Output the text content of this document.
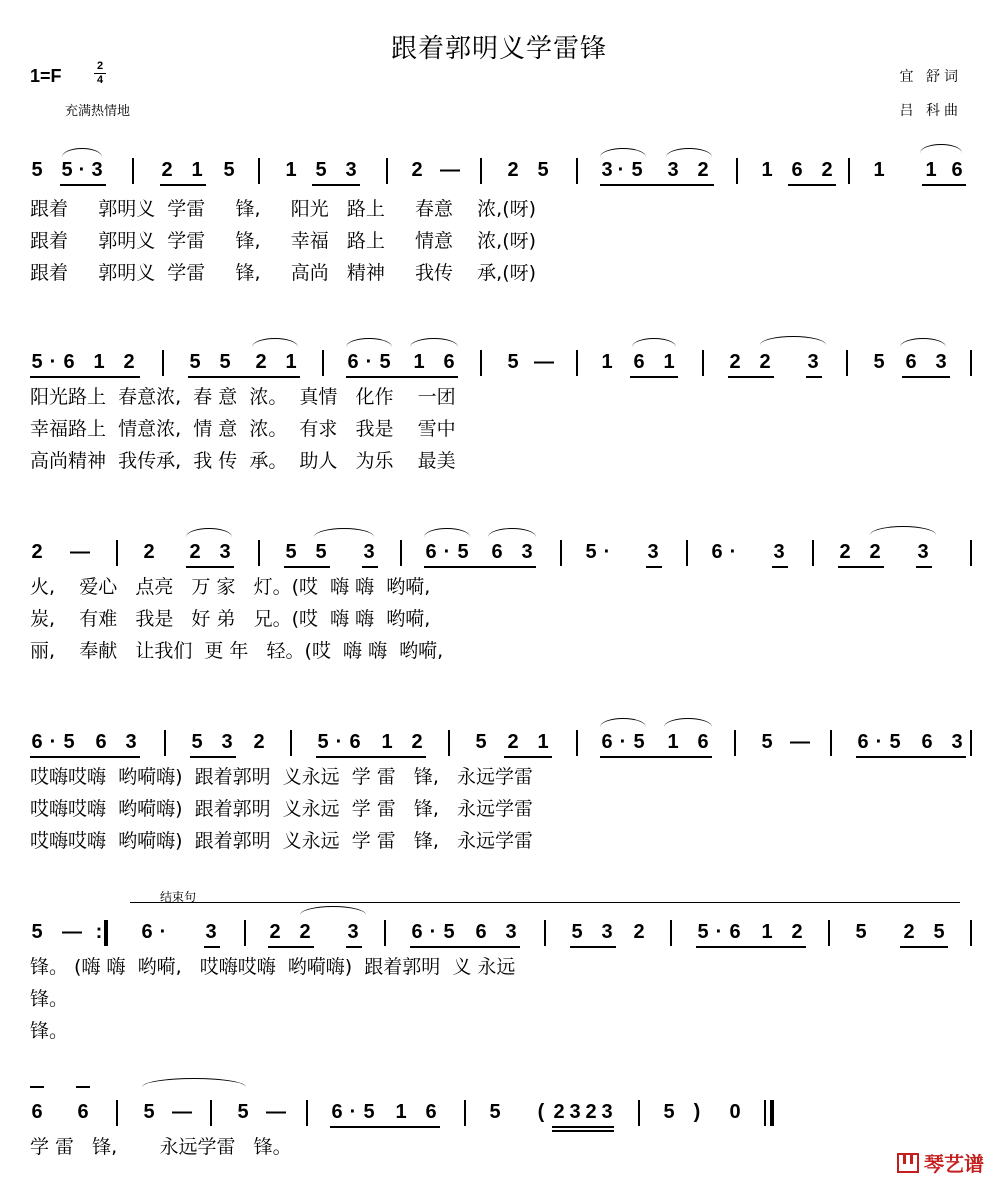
跟着郭明义学雷锋
1=F	2
4
充满热情地
宜 舒词
吕 科曲
5 5 · 3	2 1 5	1 5 3	2 — 2 5	3 · 5 3 2	1 6 2 1 1 6
跟着     郭明义  学雷     锋,     阳光   路上     春意    浓,(呀)
跟着     郭明义  学雷     锋,     幸福   路上     情意    浓,(呀)
跟着     郭明义  学雷     锋,     高尚   精神     我传    承,(呀)
5 · 6 1 2	5 5 2 1	6 · 5 1 6	5 — 1 6 1	2 2 3	5 6 3
阳光路上  春意浓,  春 意  浓。  真情   化作    一团
幸福路上  情意浓,  情 意  浓。  有求   我是    雪中
高尚精神  我传承,  我 传  承。  助人   为乐    最美
2 —	2 2 3	5 5 3	6 · 5 6 3	5 · 3	6 · 3	2 2 3
火,    爱心   点亮   万 家   灯。(哎  嗨 嗨  哟嗬,
炭,    有难   我是   好 弟   兄。(哎  嗨 嗨  哟嗬,
丽,    奉献   让我们  更 年   轻。(哎  嗨 嗨  哟嗬,
6 · 5 6 3	5 3 2	5 · 6 1 2	5 2 1	6 · 5 1 6	5 — 6 · 5 6 3
哎嗨哎嗨  哟嗬嗨)  跟着郭明  义永远  学 雷   锋,   永远学雷
哎嗨哎嗨  哟嗬嗨)  跟着郭明  义永远  学 雷   锋,   永远学雷
哎嗨哎嗨  哟嗬嗨)  跟着郭明  义永远  学 雷   锋,   永远学雷
结束句
5 — : 6 · 3	2 2 3	6 · 5 6 3	5 3 2	5 · 6 1 2	5 2 5
锋。 (嗨 嗨  哟嗬,   哎嗨哎嗨  哟嗬嗨)  跟着郭明  义 永远
锋。
锋。
6 6	5 — 5 — 6 · 5 1 6	5 ( 2 3 2 3	5 ) 0
学 雷   锋,       永远学雷   锋。
琴艺谱
